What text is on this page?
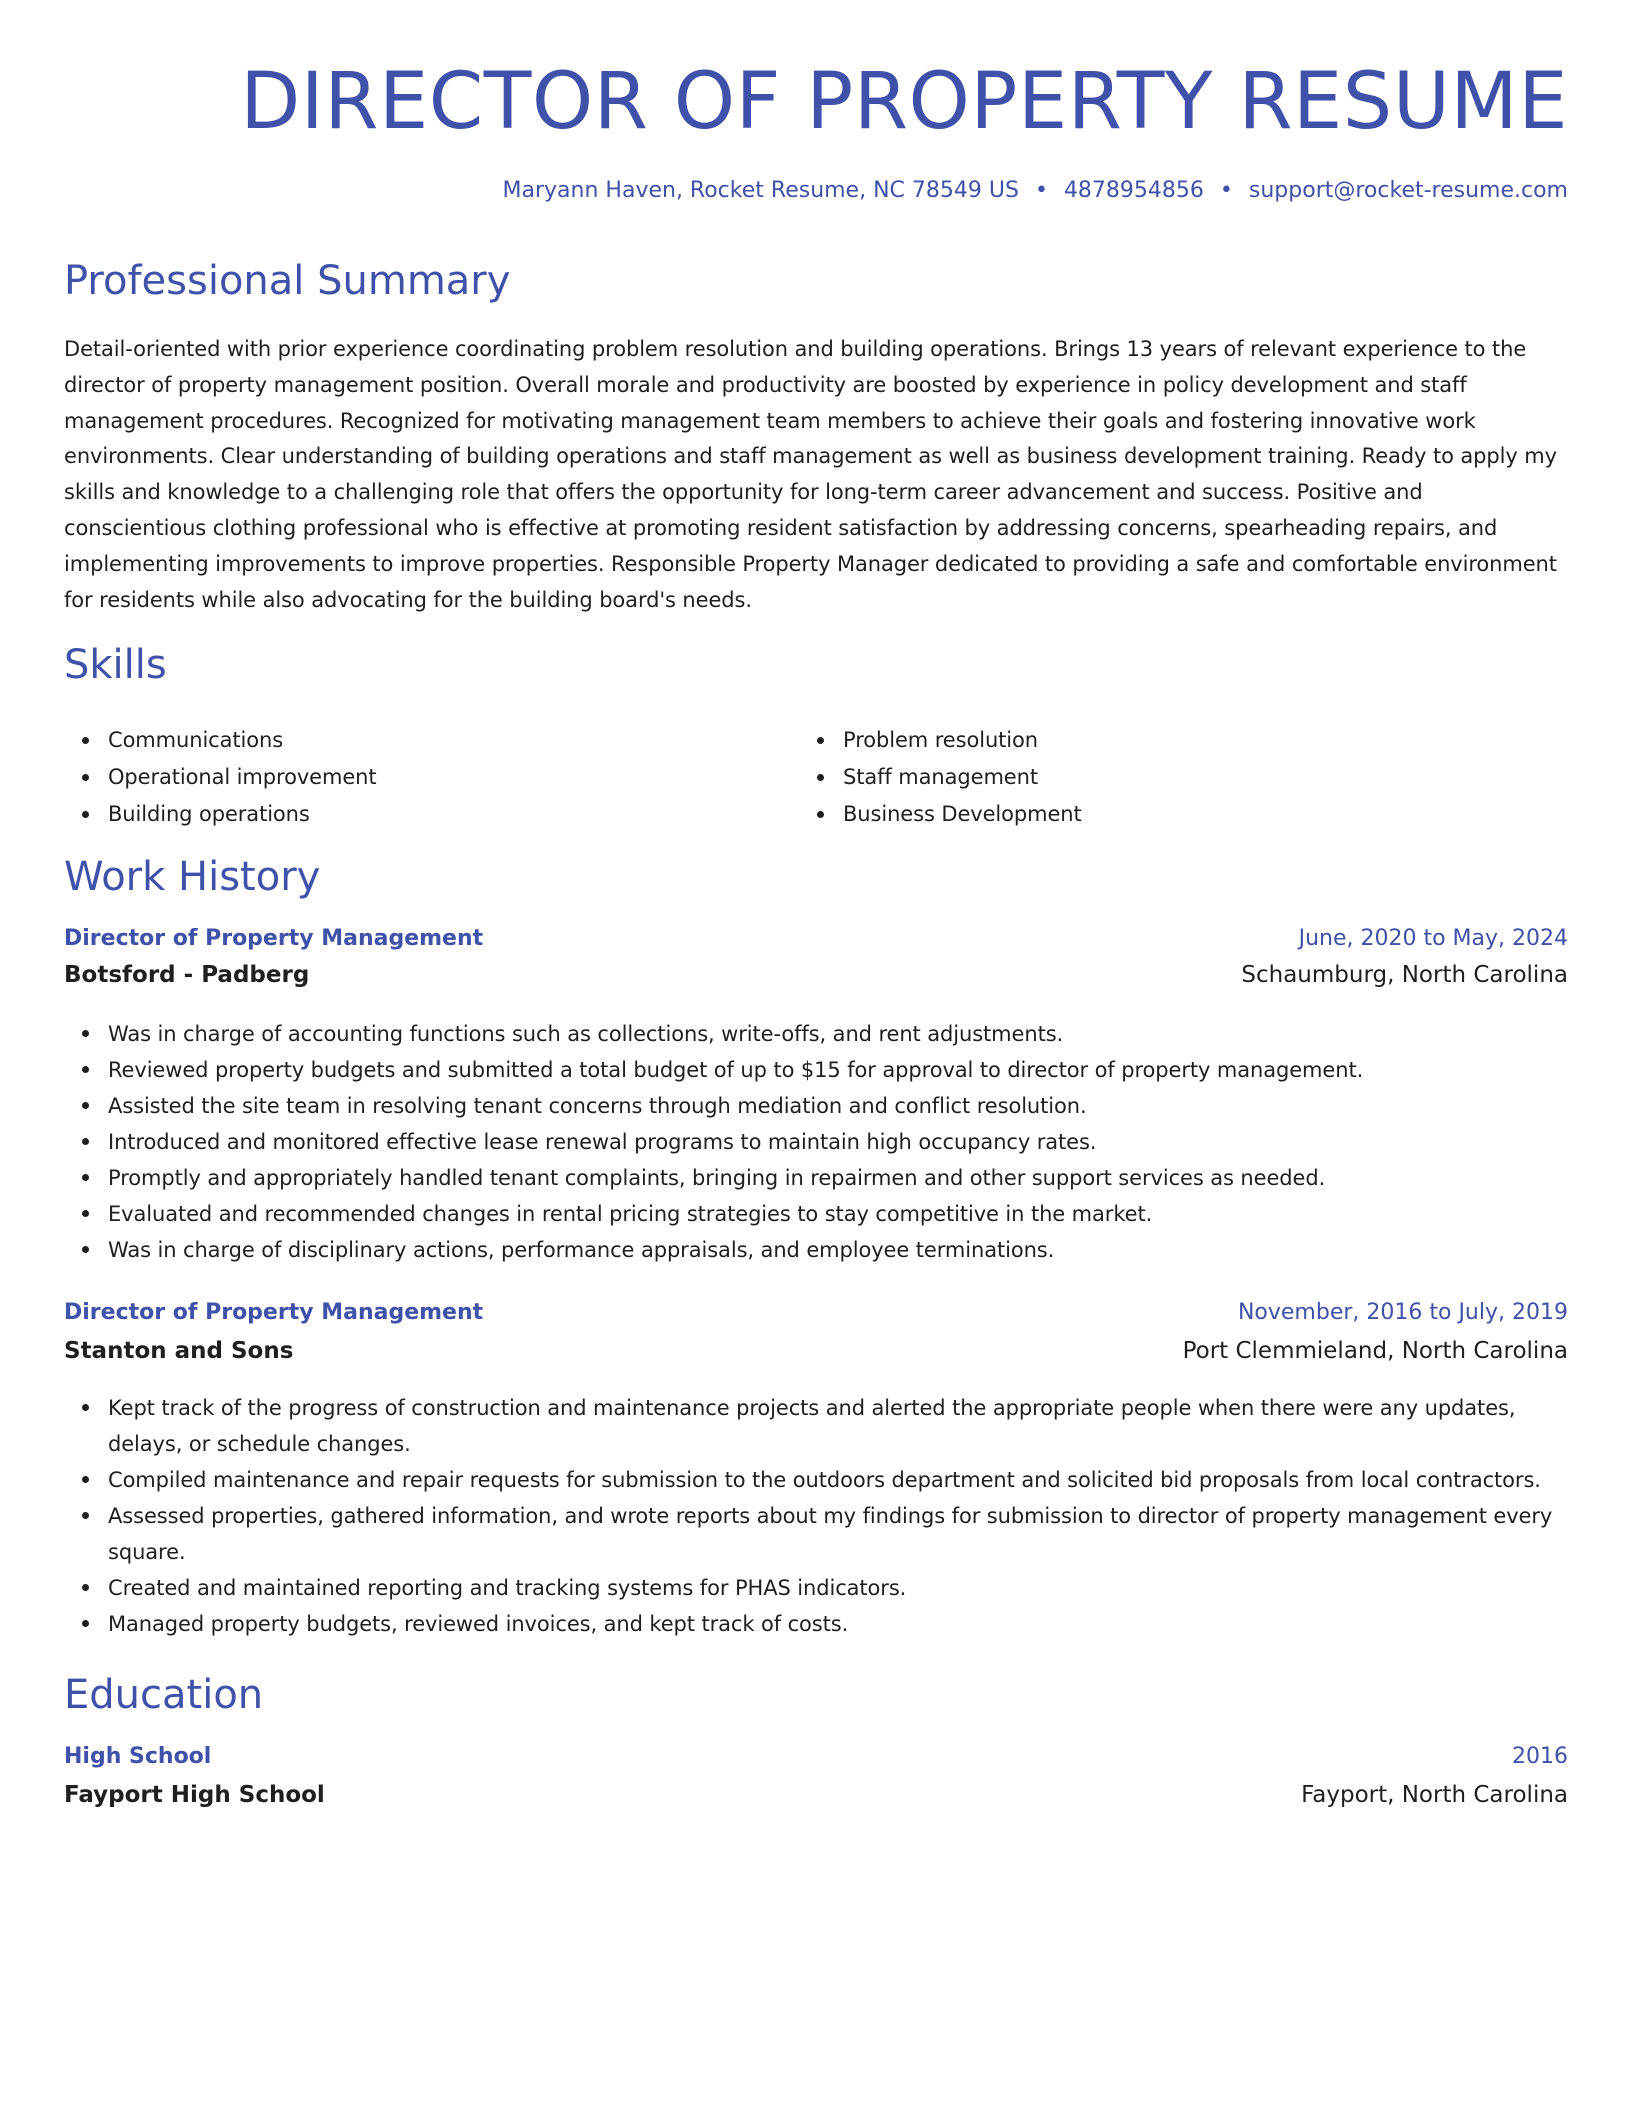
DIRECTOR OF PROPERTY RESUME
Maryann Haven, Rocket Resume, NC 78549 US • 4878954856 • support@rocket-resume.com
Professional Summary

Detail-oriented with prior experience coordinating problem resolution and building operations. Brings 13 years of relevant experience to the director of property management position. Overall morale and productivity are boosted by experience in policy development and staff management procedures. Recognized for motivating management team members to achieve their goals and fostering innovative work environments. Clear understanding of building operations and staff management as well as business development training. Ready to apply my skills and knowledge to a challenging role that offers the opportunity for long-term career advancement and success. Positive and conscientious clothing professional who is effective at promoting resident satisfaction by addressing concerns, spearheading repairs, and implementing improvements to improve properties. Responsible Property Manager dedicated to providing a safe and comfortable environment for residents while also advocating for the building board's needs.

Skills
Communications
Operational improvement
Building operations
Problem resolution
Staff management
Business Development
Work History
Director of Property Management	June, 2020 to May, 2024
Botsford - Padberg	Schaumburg, North Carolina
Was in charge of accounting functions such as collections, write-offs, and rent adjustments.
Reviewed property budgets and submitted a total budget of up to $15 for approval to director of property management.
Assisted the site team in resolving tenant concerns through mediation and conflict resolution.
Introduced and monitored effective lease renewal programs to maintain high occupancy rates.
Promptly and appropriately handled tenant complaints, bringing in repairmen and other support services as needed.
Evaluated and recommended changes in rental pricing strategies to stay competitive in the market.
Was in charge of disciplinary actions, performance appraisals, and employee terminations.
Director of Property Management	November, 2016 to July, 2019
Stanton and Sons	Port Clemmieland, North Carolina
Kept track of the progress of construction and maintenance projects and alerted the appropriate people when there were any updates, delays, or schedule changes.
Compiled maintenance and repair requests for submission to the outdoors department and solicited bid proposals from local contractors.
Assessed properties, gathered information, and wrote reports about my findings for submission to director of property management every square.
Created and maintained reporting and tracking systems for PHAS indicators.
Managed property budgets, reviewed invoices, and kept track of costs.
Education
High School	2016
Fayport High School	Fayport, North Carolina
